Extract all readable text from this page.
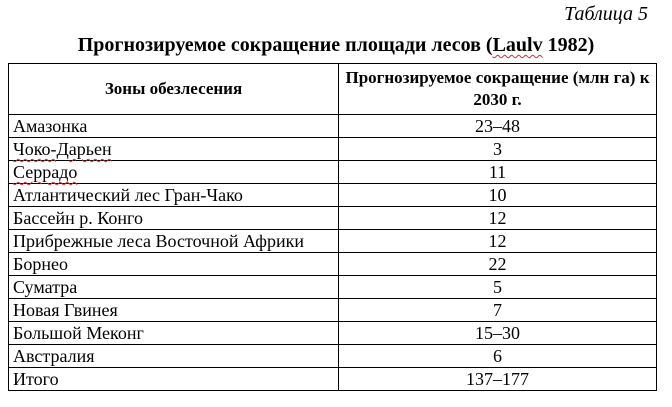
Таблица 5
Прогнозируемое сокращение площади лесов (Laulv 1982)
Зоны обезлесения	Прогнозируемое сокращение (млн га) к 2030 г.
Амазонка	23–48
Чоко-Дарьен	3
Серрадо	11
Атлантический лес Гран-Чако	10
Бассейн р. Конго	12
Прибрежные леса Восточной Африки	12
Борнео	22
Суматра	5
Новая Гвинея	7
Большой Меконг	15–30
Австралия	6
Итого	137–177
